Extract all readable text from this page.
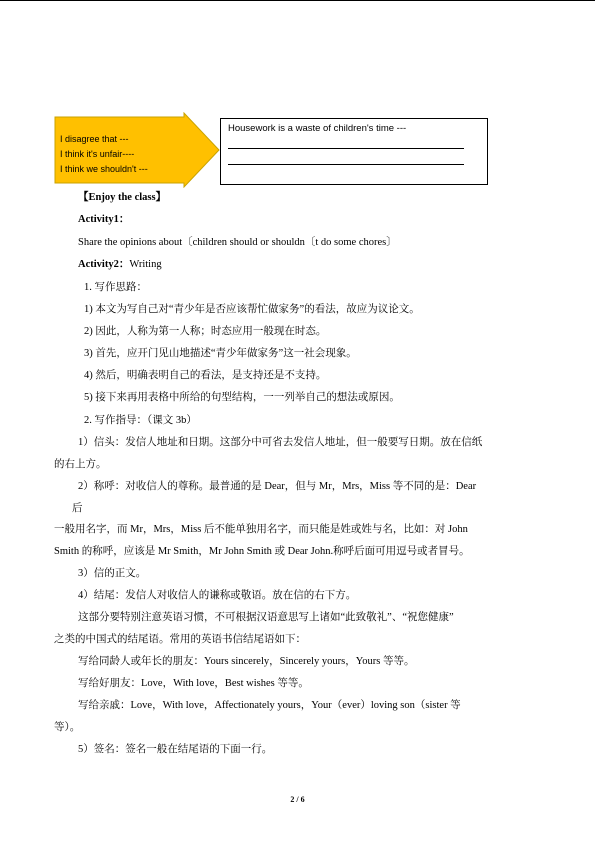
I disagree that ---
I think it's unfair----
I think we shouldn't ---
Housework is a waste of children's time ---
【Enjoy the class】
Activity1：
Share the opinions about〔children should or shouldn〔t do some chores〕
Activity2：Writing
1. 写作思路：
1) 本文为写自己对“青少年是否应该帮忙做家务”的看法，故应为议论文。
2) 因此，人称为第一人称；时态应用一般现在时态。
3) 首先，应开门见山地描述“青少年做家务”这一社会现象。
4) 然后，明确表明自己的看法，是支持还是不支持。
5) 接下来再用表格中所给的句型结构，一一列举自己的想法或原因。
2. 写作指导：（课文 3b）
1）信头：发信人地址和日期。这部分中可省去发信人地址，但一般要写日期。放在信纸
的右上方。
2）称呼：对收信人的尊称。最普通的是 Dear，但与 Mr，Mrs，Miss 等不同的是：Dear
后
一般用名字，而 Mr，Mrs，Miss 后不能单独用名字，而只能是姓或姓与名，比如：对 John
Smith 的称呼，应该是 Mr Smith，Mr John Smith 或 Dear John.称呼后面可用逗号或者冒号。
3）信的正文。
4）结尾：发信人对收信人的谦称或敬语。放在信的右下方。
这部分要特别注意英语习惯，不可根据汉语意思写上诸如“此致敬礼”、“祝您健康”
之类的中国式的结尾语。常用的英语书信结尾语如下：
写给同龄人或年长的朋友：Yours sincerely，Sincerely yours，Yours 等等。
写给好朋友：Love，With love，Best wishes 等等。
写给亲戚：Love，With love，Affectionately yours，Your（ever）loving son（sister 等
等）。
5）签名：签名一般在结尾语的下面一行。
2 / 6
